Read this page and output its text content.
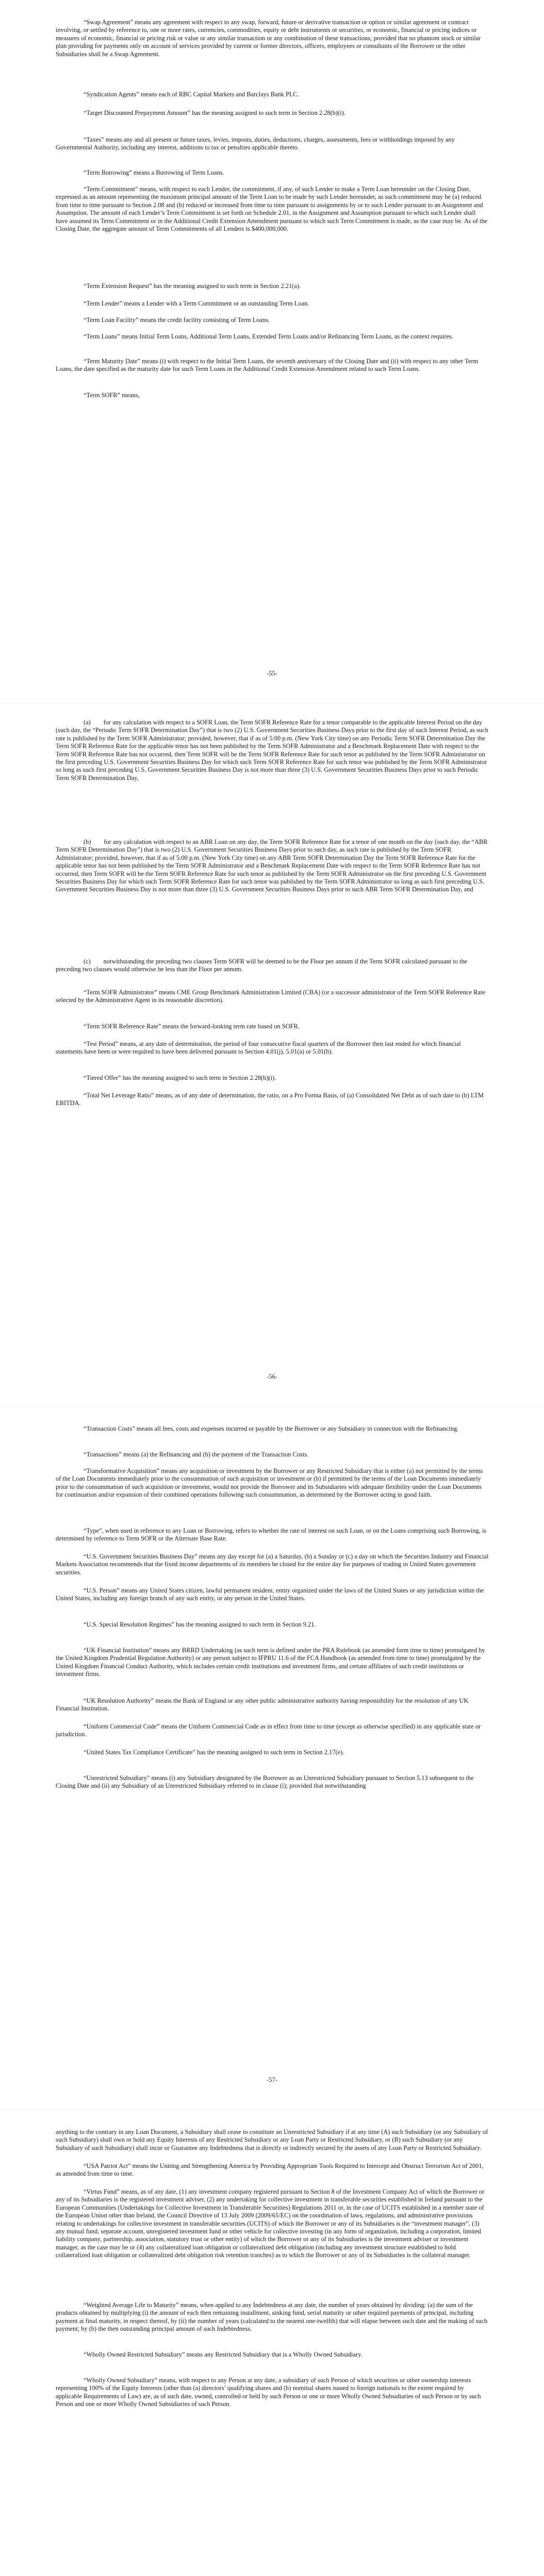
“Swap Agreement” means any agreement with respect to any swap, forward, future or derivative transaction or option or similar agreement or contract involving, or settled by reference to, one or more rates, currencies, commodities, equity or debt instruments or securities, or economic, financial or pricing indices or measures of economic, financial or pricing risk or value or any similar transaction or any combination of these transactions; provided that no phantom stock or similar plan providing for payments only on account of services provided by current or former directors, officers, employees or consultants of the Borrower or the other Subsidiaries shall be a Swap Agreement.

“Syndication Agents” means each of RBC Capital Markets and Barclays Bank PLC.

“Target Discounted Prepayment Amount” has the meaning assigned to such term in Section 2.28(b)(i).

“Taxes” means any and all present or future taxes, levies, imposts, duties, deductions, charges, assessments, fees or withholdings imposed by any Governmental Authority, including any interest, additions to tax or penalties applicable thereto.

“Term Borrowing” means a Borrowing of Term Loans.

“Term Commitment” means, with respect to each Lender, the commitment, if any, of such Lender to make a Term Loan hereunder on the Closing Date, expressed as an amount representing the maximum principal amount of the Term Loan to be made by such Lender hereunder, as such commitment may be (a) reduced from time to time pursuant to Section 2.08 and (b) reduced or increased from time to time pursuant to assignments by or to such Lender pursuant to an Assignment and Assumption. The amount of each Lender’s Term Commitment is set forth on Schedule 2.01, in the Assignment and Assumption pursuant to which such Lender shall have assumed its Term Commitment or in the Additional Credit Extension Amendment pursuant to which such Term Commitment is made, as the case may be. As of the Closing Date, the aggregate amount of Term Commitments of all Lenders is $400,000,000.

“Term Extension Request” has the meaning assigned to such term in Section 2.21(a).

“Term Lender” means a Lender with a Term Commitment or an outstanding Term Loan.

“Term Loan Facility” means the credit facility consisting of Term Loans.

“Term Loans” means Initial Term Loans, Additional Term Loans, Extended Term Loans and/or Refinancing Term Loans, as the context requires.

“Term Maturity Date” means (i) with respect to the Initial Term Loans, the seventh anniversary of the Closing Date and (ii) with respect to any other Term Loans, the date specified as the maturity date for such Term Loans in the Additional Credit Extension Amendment related to such Term Loans.

“Term SOFR” means,

-55-

(a)  for any calculation with respect to a SOFR Loan, the Term SOFR Reference Rate for a tenor comparable to the applicable Interest Period on the day (such day, the “Periodic Term SOFR Determination Day”) that is two (2) U.S. Government Securities Business Days prior to the first day of such Interest Period, as such rate is published by the Term SOFR Administrator; provided, however, that if as of 5:00 p.m. (New York City time) on any Periodic Term SOFR Determination Day the Term SOFR Reference Rate for the applicable tenor has not been published by the Term SOFR Administrator and a Benchmark Replacement Date with respect to the Term SOFR Reference Rate has not occurred, then Term SOFR will be the Term SOFR Reference Rate for such tenor as published by the Term SOFR Administrator on the first preceding U.S. Government Securities Business Day for which such Term SOFR Reference Rate for such tenor was published by the Term SOFR Administrator so long as such first preceding U.S. Government Securities Business Day is not more than three (3) U.S. Government Securities Business Days prior to such Periodic Term SOFR Determination Day,

(b)  for any calculation with respect to an ABR Loan on any day, the Term SOFR Reference Rate for a tenor of one month on the day (such day, the “ABR Term SOFR Determination Day”) that is two (2) U.S. Government Securities Business Days prior to such day, as such rate is published by the Term SOFR Administrator; provided, however, that if as of 5:00 p.m. (New York City time) on any ABR Term SOFR Determination Day the Term SOFR Reference Rate for the applicable tenor has not been published by the Term SOFR Administrator and a Benchmark Replacement Date with respect to the Term SOFR Reference Rate has not occurred, then Term SOFR will be the Term SOFR Reference Rate for such tenor as published by the Term SOFR Administrator on the first preceding U.S. Government Securities Business Day for which such Term SOFR Reference Rate for such tenor was published by the Term SOFR Administrator so long as such first preceding U.S. Government Securities Business Day is not more than three (3) U.S. Government Securities Business Days prior to such ABR Term SOFR Determination Day, and

(c)  notwithstanding the preceding two clauses Term SOFR will be deemed to be the Floor per annum if the Term SOFR calculated pursuant to the preceding two clauses would otherwise be less than the Floor per annum.

“Term SOFR Administrator” means CME Group Benchmark Administration Limited (CBA) (or a successor administrator of the Term SOFR Reference Rate selected by the Administrative Agent in its reasonable discretion).

“Term SOFR Reference Rate” means the forward-looking term rate based on SOFR.

“Test Period” means, at any date of determination, the period of four consecutive fiscal quarters of the Borrower then last ended for which financial statements have been or were required to have been delivered pursuant to Section 4.01(j), 5.01(a) or 5.01(b).

“Tiered Offer” has the meaning assigned to such term in Section 2.28(b)(i).

“Total Net Leverage Ratio” means, as of any date of determination, the ratio, on a Pro Forma Basis, of (a) Consolidated Net Debt as of such date to (b) LTM EBITDA.

-56-

“Transaction Costs” means all fees, costs and expenses incurred or payable by the Borrower or any Subsidiary in connection with the Refinancing.

“Transactions” means (a) the Refinancing and (b) the payment of the Transaction Costs.

“Transformative Acquisition” means any acquisition or investment by the Borrower or any Restricted Subsidiary that is either (a) not permitted by the terms of the Loan Documents immediately prior to the consummation of such acquisition or investment or (b) if permitted by the terms of the Loan Documents immediately prior to the consummation of such acquisition or investment, would not provide the Borrower and its Subsidiaries with adequate flexibility under the Loan Documents for continuation and/or expansion of their combined operations following such consummation, as determined by the Borrower acting in good faith.

“Type”, when used in reference to any Loan or Borrowing, refers to whether the rate of interest on such Loan, or on the Loans comprising such Borrowing, is determined by reference to Term SOFR or the Alternate Base Rate.

“U.S. Government Securities Business Day” means any day except for (a) a Saturday, (b) a Sunday or (c) a day on which the Securities Industry and Financial Markets Association recommends that the fixed income departments of its members be closed for the entire day for purposes of trading in United States government securities.

“U.S. Person” means any United States citizen, lawful permanent resident, entity organized under the laws of the United States or any jurisdiction within the United States, including any foreign branch of any such entity, or any person in the United States.

“U.S. Special Resolution Regimes” has the meaning assigned to such term in Section 9.21.

“UK Financial Institution” means any BRRD Undertaking (as such term is defined under the PRA Rulebook (as amended form time to time) promulgated by the United Kingdom Prudential Regulation Authority) or any person subject to IFPRU 11.6 of the FCA Handbook (as amended from time to time) promulgated by the United Kingdom Financial Conduct Authority, which includes certain credit institutions and investment firms, and certain affiliates of such credit institutions or investment firms.

“UK Resolution Authority” means the Bank of England or any other public administrative authority having responsibility for the resolution of any UK Financial Institution.

“Uniform Commercial Code” means the Uniform Commercial Code as in effect from time to time (except as otherwise specified) in any applicable state or jurisdiction.

“United States Tax Compliance Certificate” has the meaning assigned to such term in Section 2.17(e).

“Unrestricted Subsidiary” means (i) any Subsidiary designated by the Borrower as an Unrestricted Subsidiary pursuant to Section 5.13 subsequent to the Closing Date and (ii) any Subsidiary of an Unrestricted Subsidiary referred to in clause (i); provided that notwithstanding

-57-

anything to the contrary in any Loan Document, a Subsidiary shall cease to constitute an Unrestricted Subsidiary if at any time (A) such Subsidiary (or any Subsidiary of such Subsidiary) shall own or hold any Equity Interests of any Restricted Subsidiary or any Loan Party or Restricted Subsidiary, or (B) such Subsidiary (or any Subsidiary of such Subsidiary) shall incur or Guarantee any Indebtedness that is directly or indirectly secured by the assets of any Loan Party or Restricted Subsidiary.

“USA Patriot Act” means the Uniting and Strengthening America by Providing Appropriate Tools Required to Intercept and Obstruct Terrorism Act of 2001, as amended from time to time.

“Virtus Fund” means, as of any date, (1) any investment company registered pursuant to Section 8 of the Investment Company Act of which the Borrower or any of its Subsidiaries is the registered investment adviser, (2) any undertaking for collective investment in transferable securities established in Ireland pursuant to the European Communities (Undertakings for Collective Investment in Transferable Securities) Regulations 2011 or, in the case of UCITS established in a member state of the European Union other than Ireland, the Council Directive of 13 July 2009 (2009/65/EC) on the coordination of laws, regulations, and administrative provisions relating to undertakings for collective investment in transferable securities (UCITS) of which the Borrower or any of its Subsidiaries is the “investment manager”, (3) any mutual fund, separate account, unregistered investment fund or other vehicle for collective investing (in any form of organization, including a corporation, limited liability company, partnership, association, statutory trust or other entity) of which the Borrower or any of its Subsidiaries is the investment adviser or investment manager, as the case may be or (4) any collateralized loan obligation or collateralized debt obligation (including any investment structure established to hold collateralized loan obligation or collateralized debt obligation risk retention tranches) as to which the Borrower or any of its Subsidiaries is the collateral manager.

“Weighted Average Life to Maturity” means, when applied to any Indebtedness at any date, the number of years obtained by dividing: (a) the sum of the products obtained by multiplying (i) the amount of each then remaining installment, sinking fund, serial maturity or other required payments of principal, including payment at final maturity, in respect thereof, by (ii) the number of years (calculated to the nearest one-twelfth) that will elapse between such date and the making of such payment; by (b) the then outstanding principal amount of such Indebtedness.

“Wholly Owned Restricted Subsidiary” means any Restricted Subsidiary that is a Wholly Owned Subsidiary.

“Wholly Owned Subsidiary” means, with respect to any Person at any date, a subsidiary of such Person of which securities or other ownership interests representing 100% of the Equity Interests (other than (a) directors’ qualifying shares and (b) nominal shares issued to foreign nationals to the extent required by applicable Requirements of Law) are, as of such date, owned, controlled or held by such Person or one or more Wholly Owned Subsidiaries of such Person or by such Person and one or more Wholly Owned Subsidiaries of such Person.
